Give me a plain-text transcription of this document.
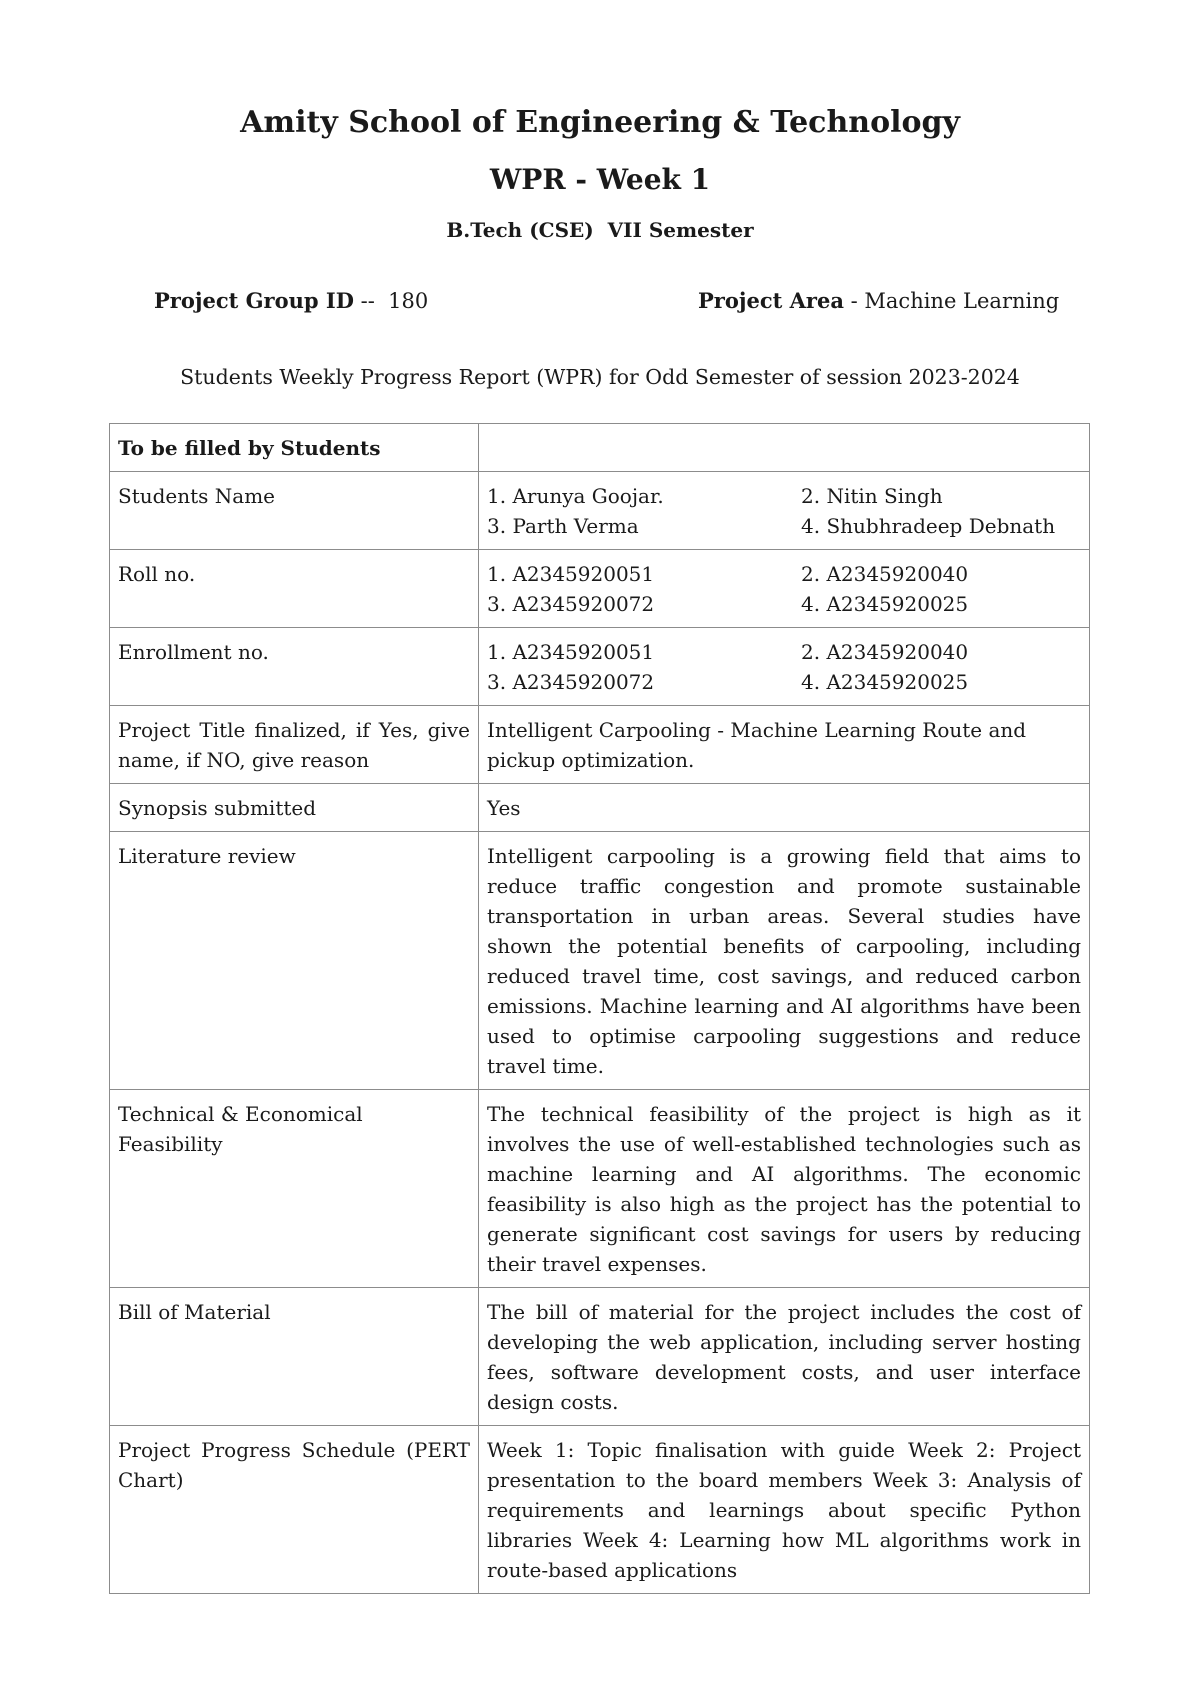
Amity School of Engineering & Technology
WPR - Week 1
B.Tech (CSE)  VII Semester
Project Group ID --  180	Project Area - Machine Learning
Students Weekly Progress Report (WPR) for Odd Semester of session 2023-2024
To be filled by Students	
Students Name	1. Arunya Goojar. 2. Nitin Singh
3. Parth Verma 4. Shubhradeep Debnath

Roll no.	1. A2345920051 2. A2345920040
3. A2345920072 4. A2345920025

Enrollment no.	1. A2345920051 2. A2345920040
3. A2345920072 4. A2345920025

Project Title finalized, if Yes, give name, if NO, give reason	Intelligent Carpooling - Machine Learning Route and pickup optimization.
Synopsis submitted	Yes
Literature review	Intelligent carpooling is a growing field that aims to reduce traffic congestion and promote sustainable transportation in urban areas. Several studies have shown the potential benefits of carpooling, including reduced travel time, cost savings, and reduced carbon emissions. Machine learning and AI algorithms have been used to optimise carpooling suggestions and reduce travel time.
Technical & Economical Feasibility	The technical feasibility of the project is high as it involves the use of well-established technologies such as machine learning and AI algorithms. The economic feasibility is also high as the project has the potential to generate significant cost savings for users by reducing their travel expenses.
Bill of Material	The bill of material for the project includes the cost of developing the web application, including server hosting fees, software development costs, and user interface design costs.
Project Progress Schedule (PERT Chart)	Week 1: Topic finalisation with guide Week 2: Project presentation to the board members Week 3: Analysis of requirements and learnings about specific Python libraries Week 4: Learning how ML algorithms work in route-based applications
